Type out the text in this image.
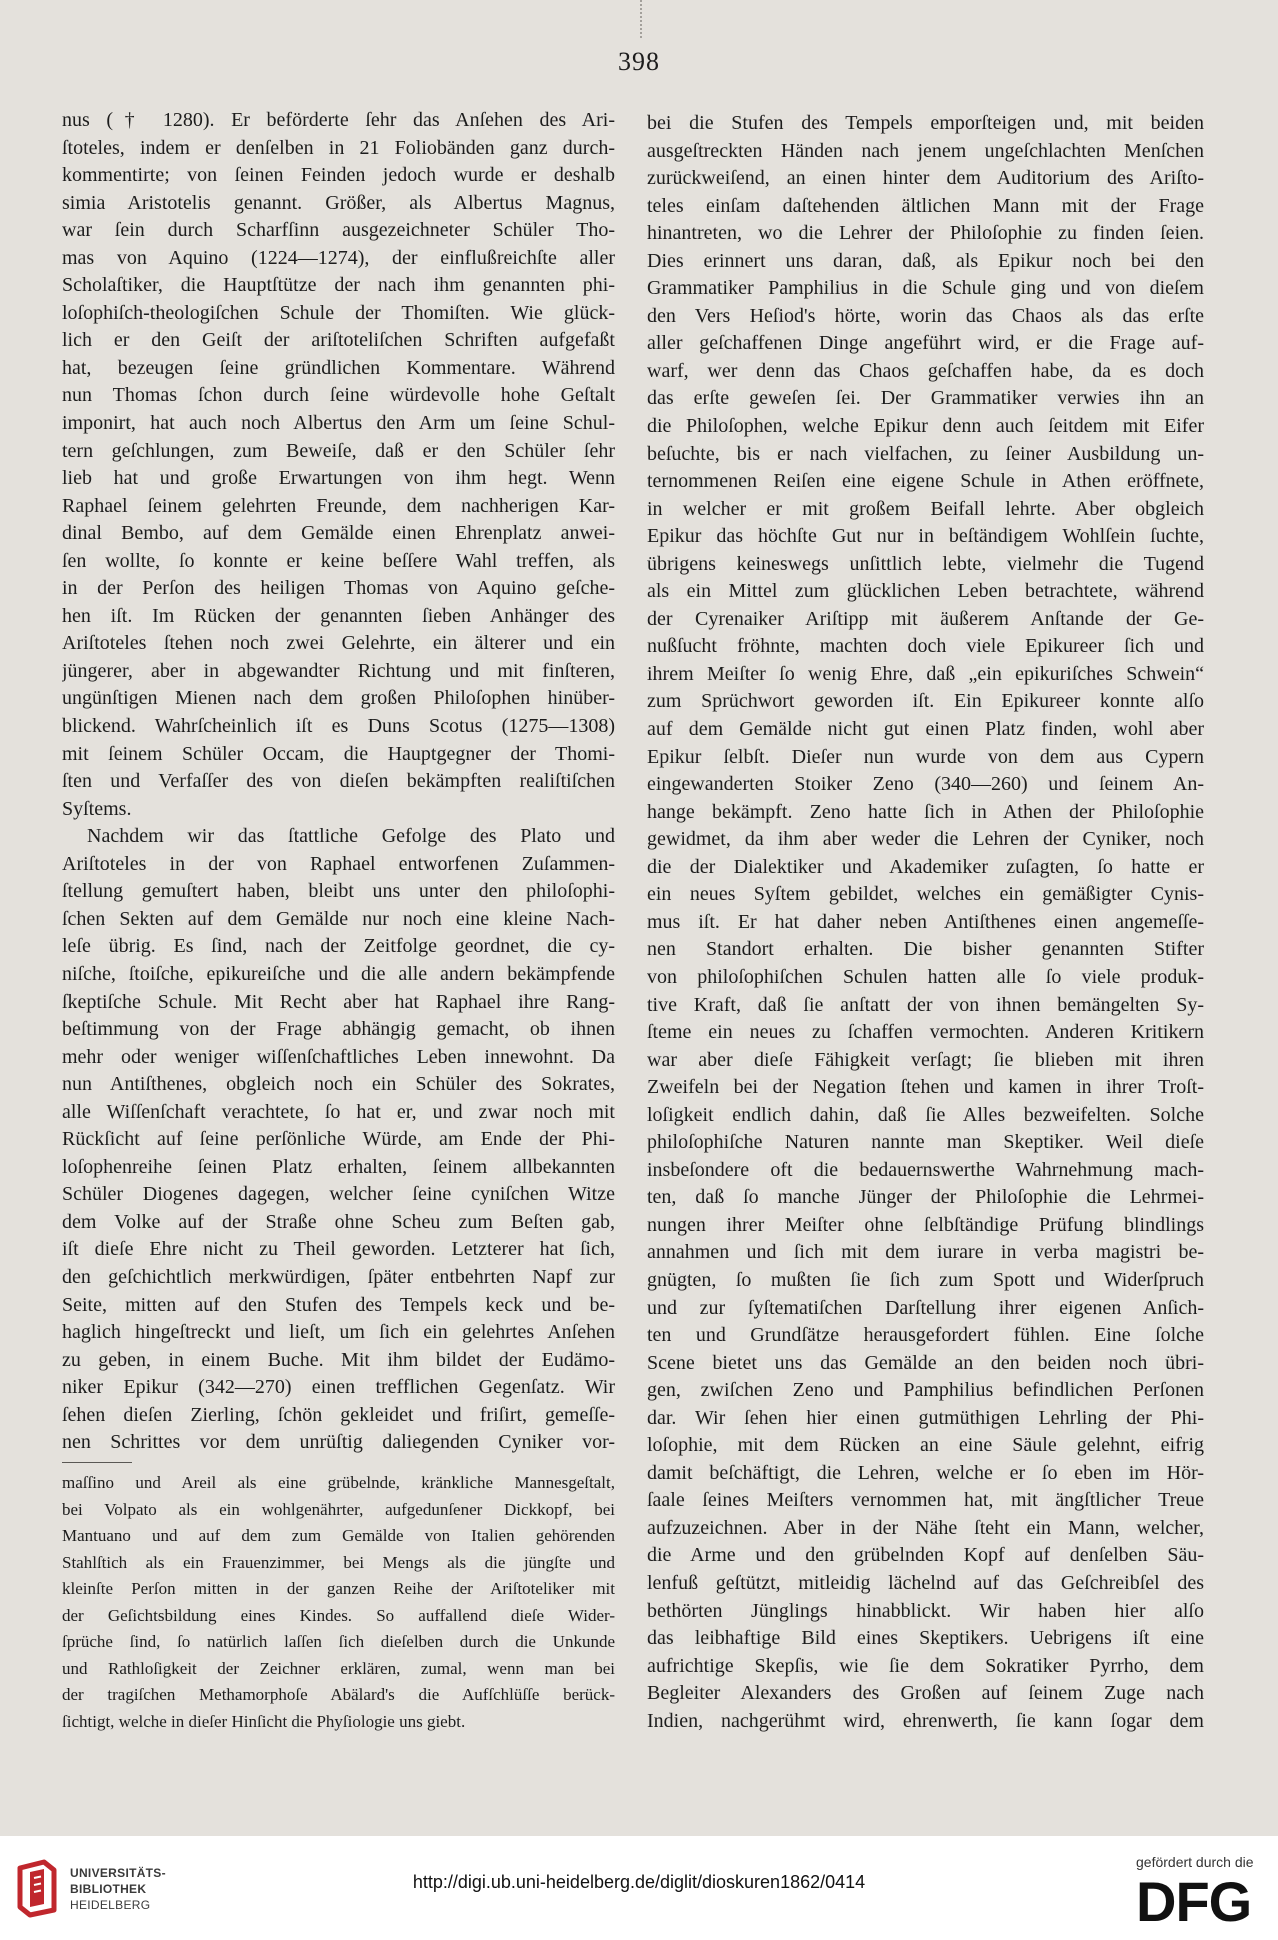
398
nus († 1280). Er beförderte ſehr das Anſehen des Ari-
ſtoteles, indem er denſelben in 21 Foliobänden ganz durch-
kommentirte; von ſeinen Feinden jedoch wurde er deshalb
simia Aristotelis genannt. Größer, als Albertus Magnus,
war ſein durch Scharfſinn ausgezeichneter Schüler Tho-
mas von Aquino (1224—1274), der einflußreichſte aller
Scholaſtiker, die Hauptſtütze der nach ihm genannten phi-
loſophiſch-theologiſchen Schule der Thomiſten. Wie glück-
lich er den Geiſt der ariſtoteliſchen Schriften aufgefaßt
hat, bezeugen ſeine gründlichen Kommentare. Während
nun Thomas ſchon durch ſeine würdevolle hohe Geſtalt
imponirt, hat auch noch Albertus den Arm um ſeine Schul-
tern geſchlungen, zum Beweiſe, daß er den Schüler ſehr
lieb hat und große Erwartungen von ihm hegt. Wenn
Raphael ſeinem gelehrten Freunde, dem nachherigen Kar-
dinal Bembo, auf dem Gemälde einen Ehrenplatz anwei-
ſen wollte, ſo konnte er keine beſſere Wahl treffen, als
in der Perſon des heiligen Thomas von Aquino geſche-
hen iſt. Im Rücken der genannten ſieben Anhänger des
Ariſtoteles ſtehen noch zwei Gelehrte, ein älterer und ein
jüngerer, aber in abgewandter Richtung und mit finſteren,
ungünſtigen Mienen nach dem großen Philoſophen hinüber-
blickend. Wahrſcheinlich iſt es Duns Scotus (1275—1308)
mit ſeinem Schüler Occam, die Hauptgegner der Thomi-
ſten und Verfaſſer des von dieſen bekämpften realiſtiſchen
Syſtems.
Nachdem wir das ſtattliche Gefolge des Plato und
Ariſtoteles in der von Raphael entworfenen Zuſammen-
ſtellung gemuſtert haben, bleibt uns unter den philoſophi-
ſchen Sekten auf dem Gemälde nur noch eine kleine Nach-
leſe übrig. Es ſind, nach der Zeitfolge geordnet, die cy-
niſche, ſtoiſche, epikureiſche und die alle andern bekämpfende
ſkeptiſche Schule. Mit Recht aber hat Raphael ihre Rang-
beſtimmung von der Frage abhängig gemacht, ob ihnen
mehr oder weniger wiſſenſchaftliches Leben innewohnt. Da
nun Antiſthenes, obgleich noch ein Schüler des Sokrates,
alle Wiſſenſchaft verachtete, ſo hat er, und zwar noch mit
Rückſicht auf ſeine perſönliche Würde, am Ende der Phi-
loſophenreihe ſeinen Platz erhalten, ſeinem allbekannten
Schüler Diogenes dagegen, welcher ſeine cyniſchen Witze
dem Volke auf der Straße ohne Scheu zum Beſten gab,
iſt dieſe Ehre nicht zu Theil geworden. Letzterer hat ſich,
den geſchichtlich merkwürdigen, ſpäter entbehrten Napf zur
Seite, mitten auf den Stufen des Tempels keck und be-
haglich hingeſtreckt und lieſt, um ſich ein gelehrtes Anſehen
zu geben, in einem Buche. Mit ihm bildet der Eudämo-
niker Epikur (342—270) einen trefflichen Gegenſatz. Wir
ſehen dieſen Zierling, ſchön gekleidet und friſirt, gemeſſe-
nen Schrittes vor dem unrüſtig daliegenden Cyniker vor-
maſſino und Areil als eine grübelnde, kränkliche Mannesgeſtalt,
bei Volpato als ein wohlgenährter, aufgedunſener Dickkopf, bei
Mantuano und auf dem zum Gemälde von Italien gehörenden
Stahlſtich als ein Frauenzimmer, bei Mengs als die jüngſte und
kleinſte Perſon mitten in der ganzen Reihe der Ariſtoteliker mit
der Geſichtsbildung eines Kindes. So auffallend dieſe Wider-
ſprüche ſind, ſo natürlich laſſen ſich dieſelben durch die Unkunde
und Rathloſigkeit der Zeichner erklären, zumal, wenn man bei
der tragiſchen Methamorphoſe Abälard's die Aufſchlüſſe berück-
ſichtigt, welche in dieſer Hinſicht die Phyſiologie uns giebt.
bei die Stufen des Tempels emporſteigen und, mit beiden
ausgeſtreckten Händen nach jenem ungeſchlachten Menſchen
zurückweiſend, an einen hinter dem Auditorium des Ariſto-
teles einſam daſtehenden ältlichen Mann mit der Frage
hinantreten, wo die Lehrer der Philoſophie zu finden ſeien.
Dies erinnert uns daran, daß, als Epikur noch bei den
Grammatiker Pamphilius in die Schule ging und von dieſem
den Vers Heſiod's hörte, worin das Chaos als das erſte
aller geſchaffenen Dinge angeführt wird, er die Frage auf-
warf, wer denn das Chaos geſchaffen habe, da es doch
das erſte geweſen ſei. Der Grammatiker verwies ihn an
die Philoſophen, welche Epikur denn auch ſeitdem mit Eifer
beſuchte, bis er nach vielfachen, zu ſeiner Ausbildung un-
ternommenen Reiſen eine eigene Schule in Athen eröffnete,
in welcher er mit großem Beifall lehrte. Aber obgleich
Epikur das höchſte Gut nur in beſtändigem Wohlſein ſuchte,
übrigens keineswegs unſittlich lebte, vielmehr die Tugend
als ein Mittel zum glücklichen Leben betrachtete, während
der Cyrenaiker Ariſtipp mit äußerem Anſtande der Ge-
nußſucht fröhnte, machten doch viele Epikureer ſich und
ihrem Meiſter ſo wenig Ehre, daß „ein epikuriſches Schwein“
zum Sprüchwort geworden iſt. Ein Epikureer konnte alſo
auf dem Gemälde nicht gut einen Platz finden, wohl aber
Epikur ſelbſt. Dieſer nun wurde von dem aus Cypern
eingewanderten Stoiker Zeno (340—260) und ſeinem An-
hange bekämpft. Zeno hatte ſich in Athen der Philoſophie
gewidmet, da ihm aber weder die Lehren der Cyniker, noch
die der Dialektiker und Akademiker zuſagten, ſo hatte er
ein neues Syſtem gebildet, welches ein gemäßigter Cynis-
mus iſt. Er hat daher neben Antiſthenes einen angemeſſe-
nen Standort erhalten. Die bisher genannten Stifter
von philoſophiſchen Schulen hatten alle ſo viele produk-
tive Kraft, daß ſie anſtatt der von ihnen bemängelten Sy-
ſteme ein neues zu ſchaffen vermochten. Anderen Kritikern
war aber dieſe Fähigkeit verſagt; ſie blieben mit ihren
Zweifeln bei der Negation ſtehen und kamen in ihrer Troſt-
loſigkeit endlich dahin, daß ſie Alles bezweifelten. Solche
philoſophiſche Naturen nannte man Skeptiker. Weil dieſe
insbeſondere oft die bedauernswerthe Wahrnehmung mach-
ten, daß ſo manche Jünger der Philoſophie die Lehrmei-
nungen ihrer Meiſter ohne ſelbſtändige Prüfung blindlings
annahmen und ſich mit dem iurare in verba magistri be-
gnügten, ſo mußten ſie ſich zum Spott und Widerſpruch
und zur ſyſtematiſchen Darſtellung ihrer eigenen Anſich-
ten und Grundſätze herausgefordert fühlen. Eine ſolche
Scene bietet uns das Gemälde an den beiden noch übri-
gen, zwiſchen Zeno und Pamphilius befindlichen Perſonen
dar. Wir ſehen hier einen gutmüthigen Lehrling der Phi-
loſophie, mit dem Rücken an eine Säule gelehnt, eifrig
damit beſchäftigt, die Lehren, welche er ſo eben im Hör-
ſaale ſeines Meiſters vernommen hat, mit ängſtlicher Treue
aufzuzeichnen. Aber in der Nähe ſteht ein Mann, welcher,
die Arme und den grübelnden Kopf auf denſelben Säu-
lenfuß geſtützt, mitleidig lächelnd auf das Geſchreibſel des
bethörten Jünglings hinabblickt. Wir haben hier alſo
das leibhaftige Bild eines Skeptikers. Uebrigens iſt eine
aufrichtige Skepſis, wie ſie dem Sokratiker Pyrrho, dem
Begleiter Alexanders des Großen auf ſeinem Zuge nach
Indien, nachgerühmt wird, ehrenwerth, ſie kann ſogar dem
UNIVERSITÄTS-
BIBLIOTHEK
HEIDELBERG
http://digi.ub.uni-heidelberg.de/diglit/dioskuren1862/0414
gefördert durch die
DFG
